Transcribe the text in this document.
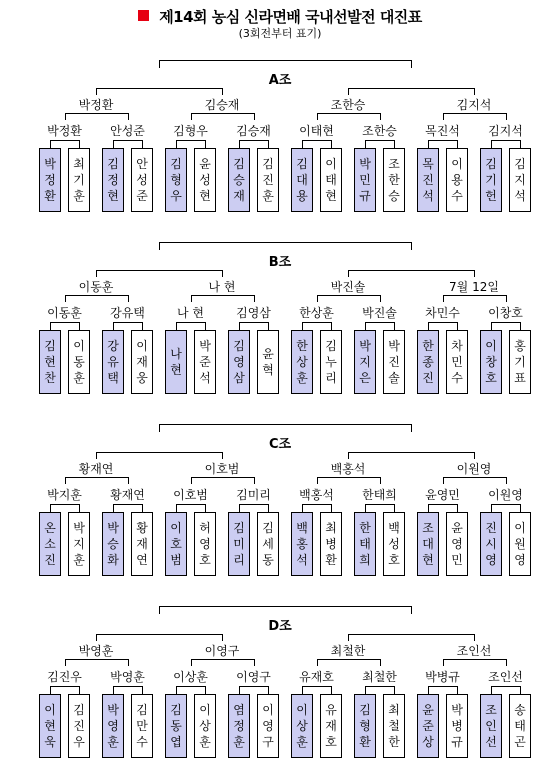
제14회 농심 신라면배 국내선발전 대진표
(3회전부터 표기)
A조
박정환	김승재	조한승	김지석
박정환	안성준	김형우	김승재	이태현	조한승	목진석	김지석
박
정
환
최
기
훈
김
정
현
안
성
준
김
형
우
윤
성
현
김
승
재
김
진
훈
김
대
용
이
태
현
박
민
규
조
한
승
목
진
석
이
용
수
김
기
헌
김
지
석
B조
이동훈	나 현	박진솔	7월 12일
이동훈	강유택	나 현	김영삼	한상훈	박진솔	차민수	이창호
김
현
찬
이
동
훈
강
유
택
이
재
웅
나
현
박
준
석
김
영
삼
윤
혁
한
상
훈
김
누
리
박
지
은
박
진
솔
한
종
진
차
민
수
이
창
호
홍
기
표
C조
황재연	이호범	백홍석	이원영
박지훈	황재연	이호범	김미리	백홍석	한태희	윤영민	이원영
온
소
진
박
지
훈
박
승
화
황
재
연
이
호
범
허
영
호
김
미
리
김
세
동
백
홍
석
최
병
환
한
태
희
백
성
호
조
대
현
윤
영
민
진
시
영
이
원
영
D조
박영훈	이영구	최철한	조인선
김진우	박영훈	이상훈	이영구	유재호	최철한	박병규	조인선
이
현
욱
김
진
우
박
영
훈
김
만
수
김
동
엽
이
상
훈
염
정
훈
이
영
구
이
상
훈
유
재
호
김
형
환
최
철
한
윤
준
상
박
병
규
조
인
선
송
태
곤
